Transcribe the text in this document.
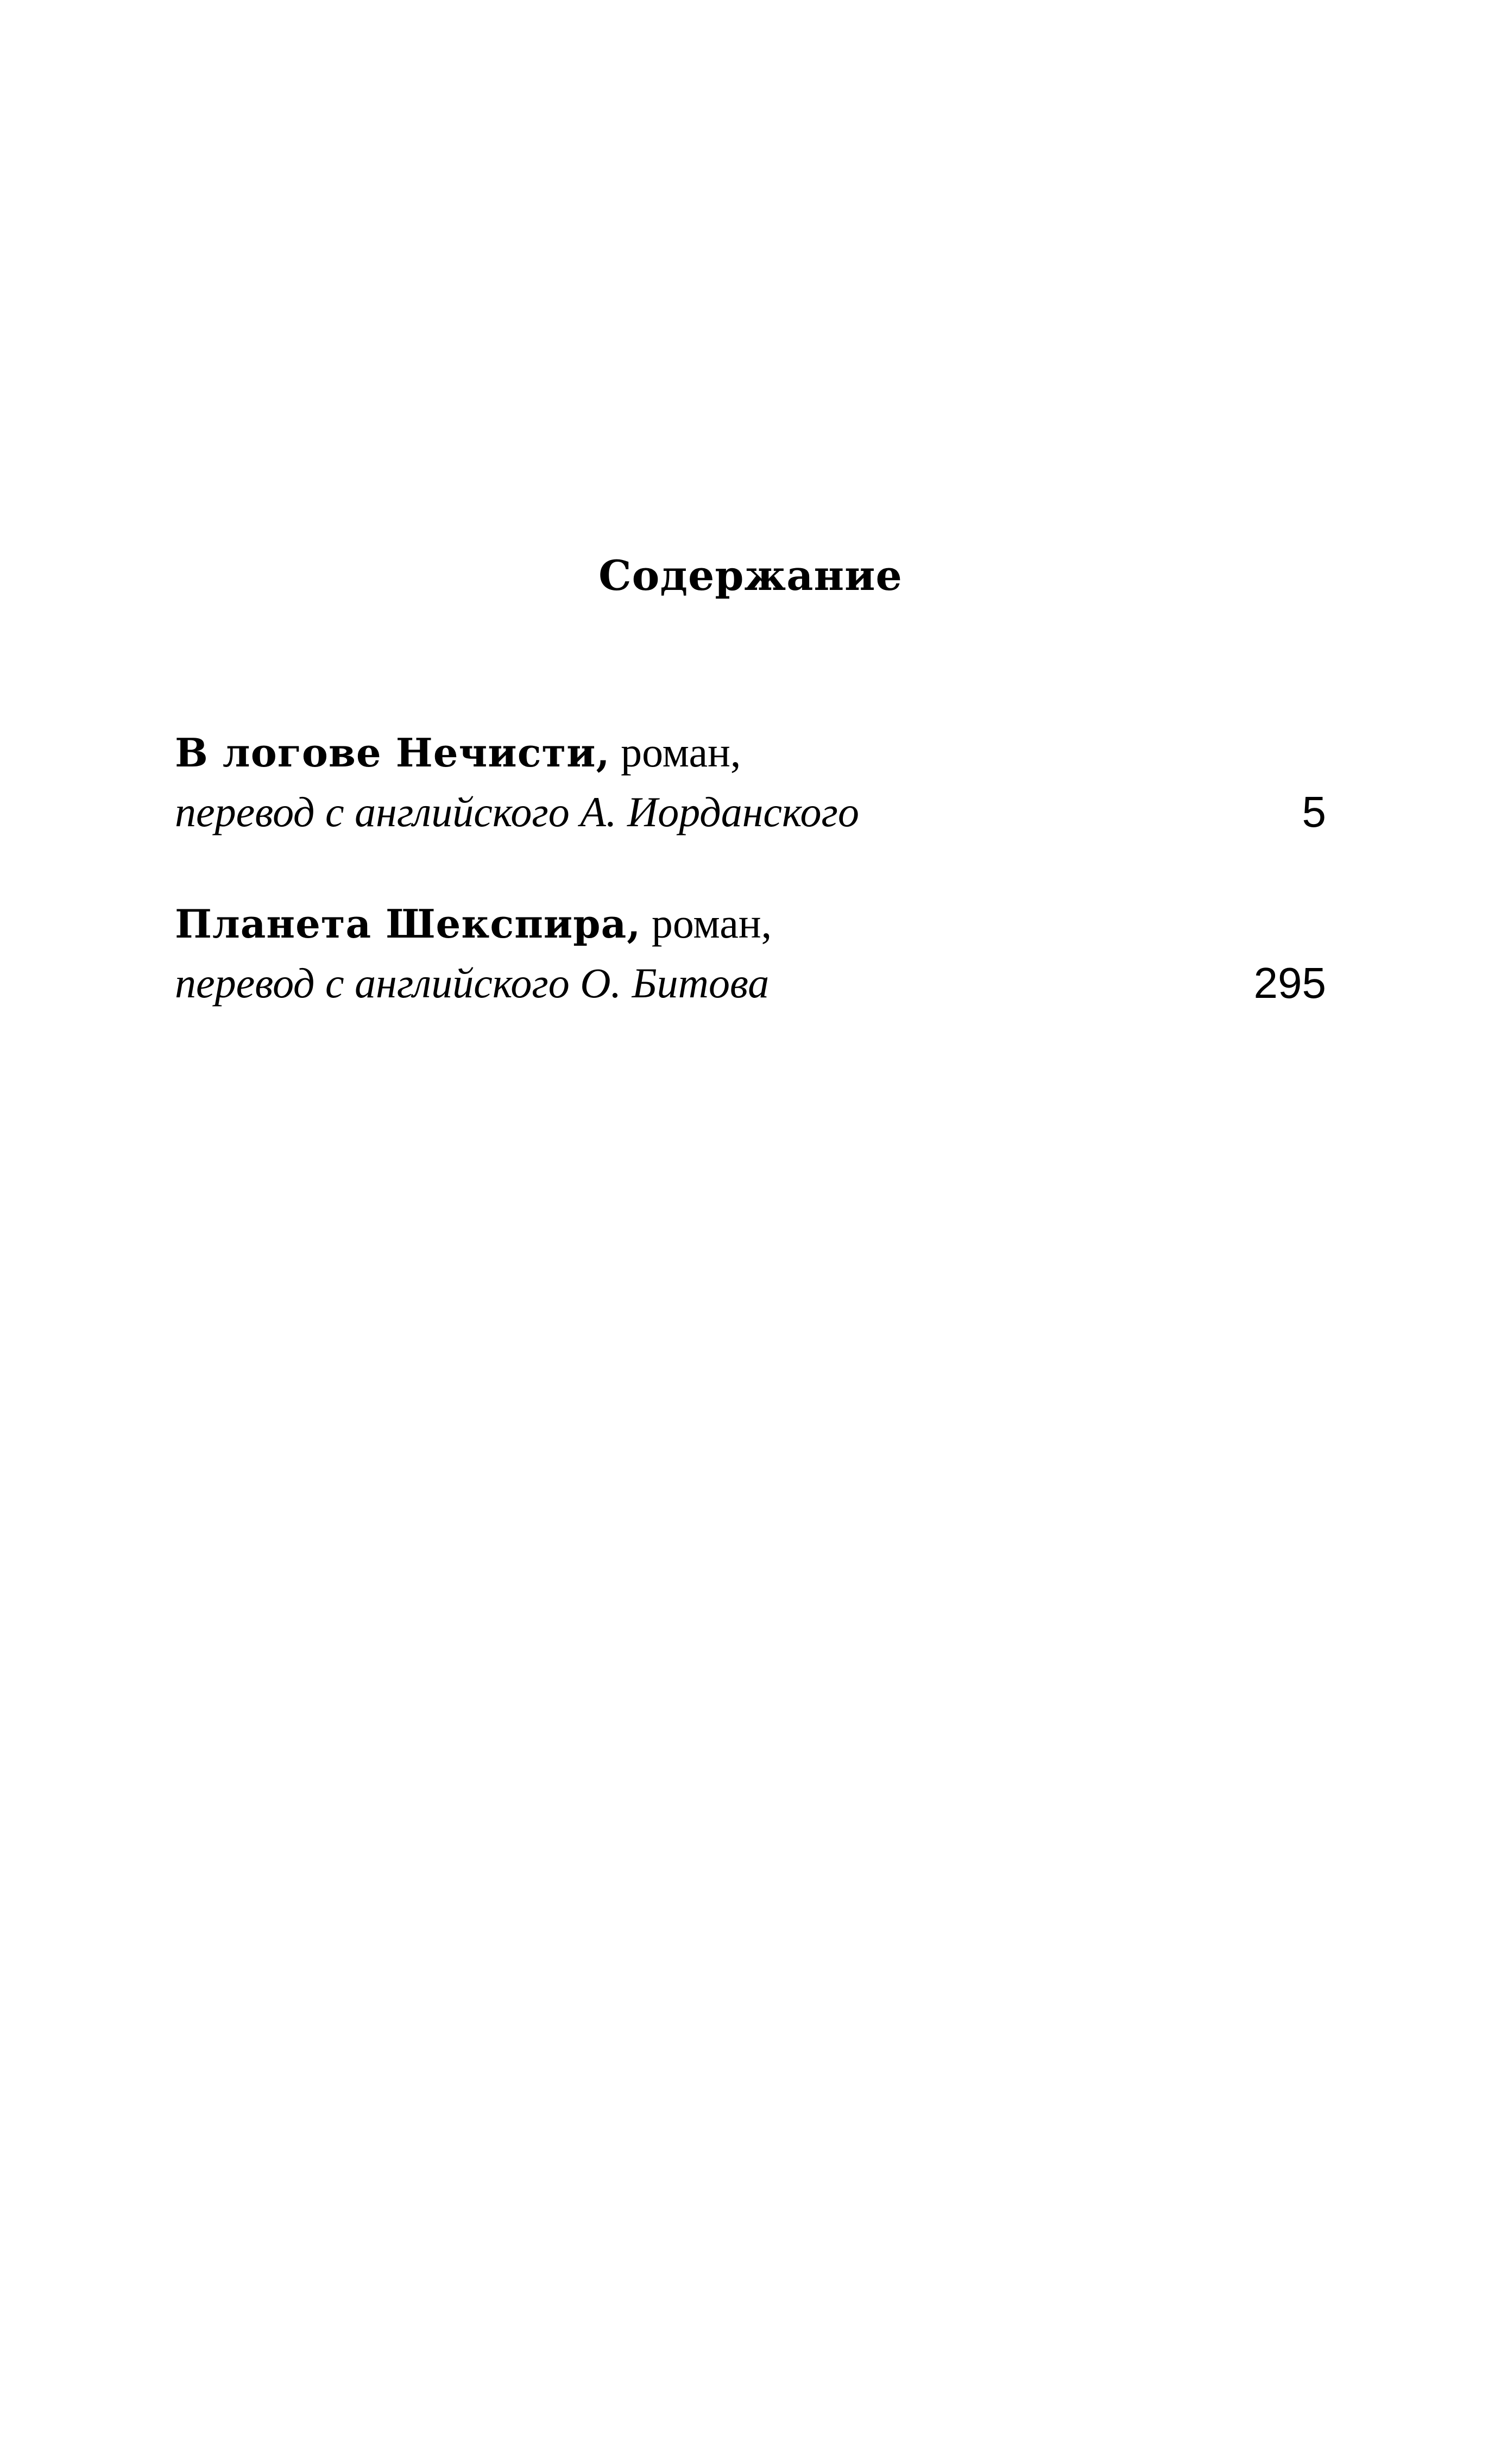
Содержание
В логове Нечисти, роман,
перевод с английского А. Иорданского	5
Планета Шекспира, роман,
перевод с английского О. Битова	295
